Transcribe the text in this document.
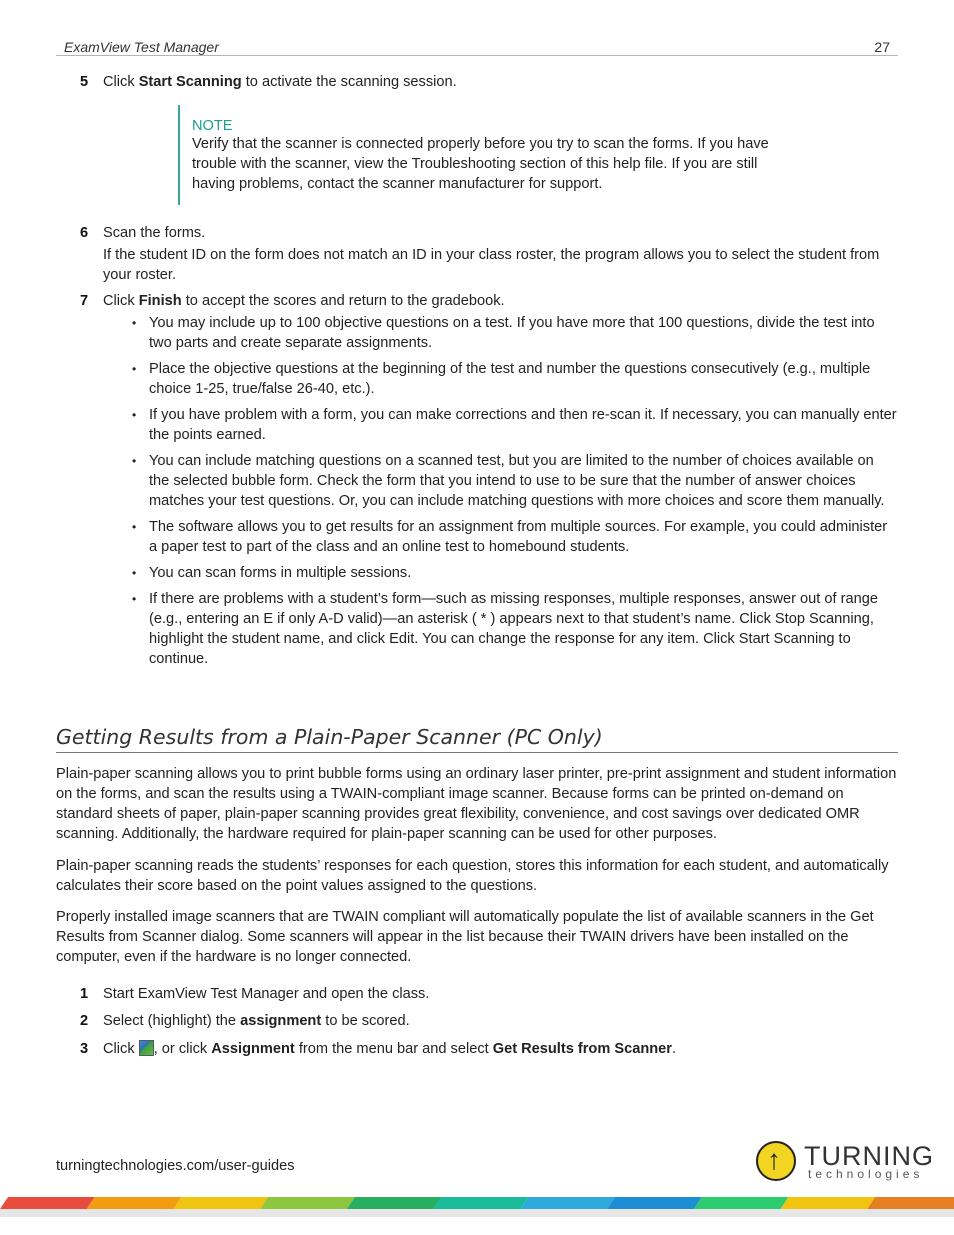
ExamView Test Manager	27
5 Click Start Scanning to activate the scanning session.
NOTE
Verify that the scanner is connected properly before you try to scan the forms. If you have trouble with the scanner, view the Troubleshooting section of this help file. If you are still having problems, contact the scanner manufacturer for support.
6 Scan the forms.
If the student ID on the form does not match an ID in your class roster, the program allows you to select the student from your roster.
7 Click Finish to accept the scores and return to the gradebook.
• You may include up to 100 objective questions on a test. If you have more that 100 questions, divide the test into two parts and create separate assignments.
• Place the objective questions at the beginning of the test and number the questions consecutively (e.g., multiple choice 1-25, true/false 26-40, etc.).
• If you have problem with a form, you can make corrections and then re-scan it. If necessary, you can manually enter the points earned.
• You can include matching questions on a scanned test, but you are limited to the number of choices available on the selected bubble form. Check the form that you intend to use to be sure that the number of answer choices matches your test questions. Or, you can include matching questions with more choices and score them manually.
• The software allows you to get results for an assignment from multiple sources. For example, you could administer a paper test to part of the class and an online test to homebound students.
• You can scan forms in multiple sessions.
• If there are problems with a student’s form—such as missing responses, multiple responses, answer out of range (e.g., entering an E if only A-D valid)—an asterisk ( * ) appears next to that student’s name. Click Stop Scanning, highlight the student name, and click Edit. You can change the response for any item. Click Start Scanning to continue.
Getting Results from a Plain-Paper Scanner (PC Only)

Plain-paper scanning allows you to print bubble forms using an ordinary laser printer, pre-print assignment and student information on the forms, and scan the results using a TWAIN-compliant image scanner. Because forms can be printed on-demand on standard sheets of paper, plain-paper scanning provides great flexibility, convenience, and cost savings over dedicated OMR scanning. Additionally, the hardware required for plain-paper scanning can be used for other purposes.

Plain-paper scanning reads the students’ responses for each question, stores this information for each student, and automatically calculates their score based on the point values assigned to the questions.

Properly installed image scanners that are TWAIN compliant will automatically populate the list of available scanners in the Get Results from Scanner dialog. Some scanners will appear in the list because their TWAIN drivers have been installed on the computer, even if the hardware is no longer connected.

1 Start ExamView Test Manager and open the class.
2 Select (highlight) the assignment to be scored.
3 Click , or click Assignment from the menu bar and select Get Results from Scanner.
turningtechnologies.com/user-guides	↑ TURNING
technologies
